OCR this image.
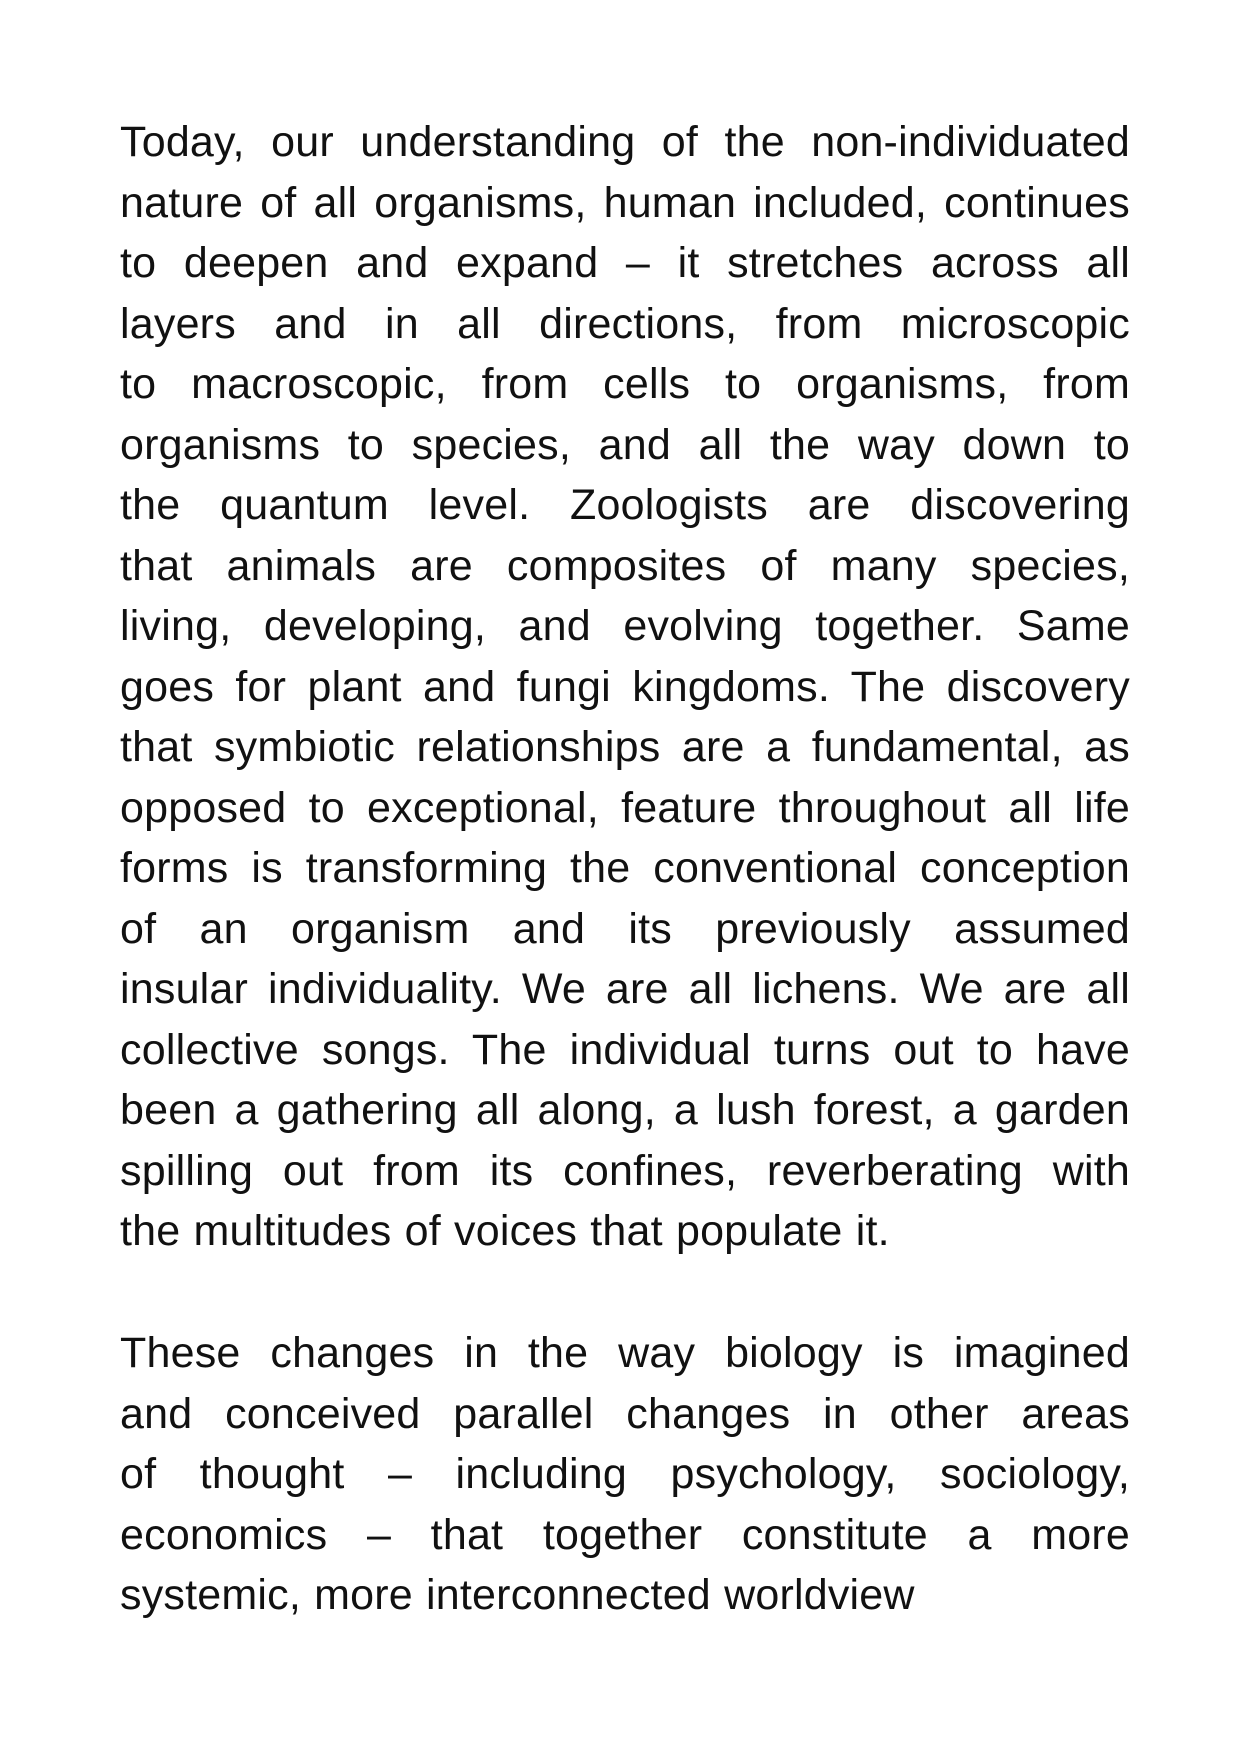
Today, our understanding of the non-individuated
nature of all organisms, human included, continues
to deepen and expand – it stretches across all
layers and in all directions, from microscopic
to macroscopic, from cells to organisms, from
organisms to species, and all the way down to
the quantum level. Zoologists are discovering
that animals are composites of many species,
living, developing, and evolving together. Same
goes for plant and fungi kingdoms. The discovery
that symbiotic relationships are a fundamental, as
opposed to exceptional, feature throughout all life
forms is transforming the conventional conception
of an organism and its previously assumed
insular individuality. We are all lichens. We are all
collective songs. The individual turns out to have
been a gathering all along, a lush forest, a garden
spilling out from its confines, reverberating with
the multitudes of voices that populate it.
These changes in the way biology is imagined
and conceived parallel changes in other areas
of thought – including psychology, sociology,
economics – that together constitute a more
systemic, more interconnected worldview
